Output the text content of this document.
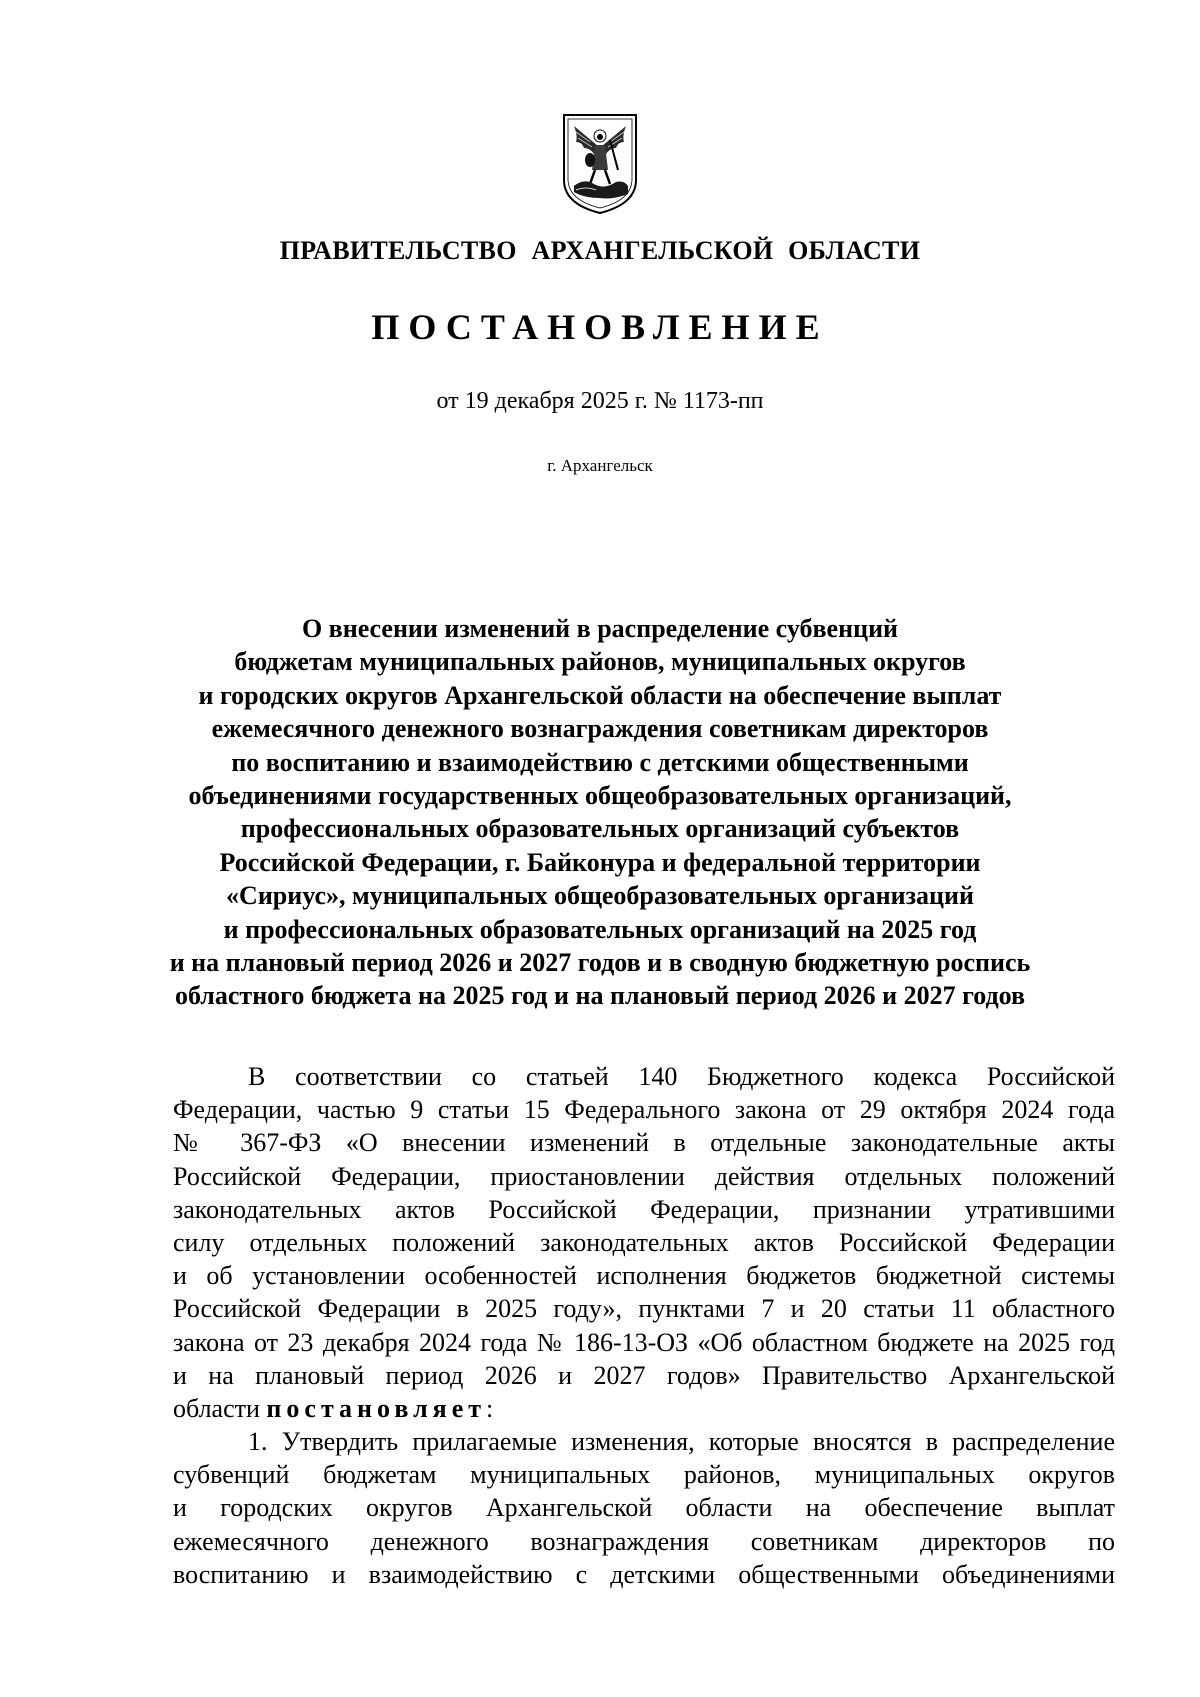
ПРАВИТЕЛЬСТВО АРХАНГЕЛЬСКОЙ ОБЛАСТИ
ПОСТАНОВЛЕНИЕ
от 19 декабря 2025 г. № 1173-пп
г. Архангельск
О внесении изменений в распределение субвенций
бюджетам муниципальных районов, муниципальных округов
и городских округов Архангельской области на обеспечение выплат
ежемесячного денежного вознаграждения советникам директоров
по воспитанию и взаимодействию с детскими общественными
объединениями государственных общеобразовательных организаций,
профессиональных образовательных организаций субъектов
Российской Федерации, г. Байконура и федеральной территории
«Сириус», муниципальных общеобразовательных организаций
и профессиональных образовательных организаций на 2025 год
и на плановый период 2026 и 2027 годов и в сводную бюджетную роспись
областного бюджета на 2025 год и на плановый период 2026 и 2027 годов
В соответствии со статьей 140 Бюджетного кодекса Российской
Федерации, частью 9 статьи 15 Федерального закона от 29 октября 2024 года
№ 367-ФЗ «О внесении изменений в отдельные законодательные акты
Российской Федерации, приостановлении действия отдельных положений
законодательных актов Российской Федерации, признании утратившими
силу отдельных положений законодательных актов Российской Федерации
и об установлении особенностей исполнения бюджетов бюджетной системы
Российской Федерации в 2025 году», пунктами 7 и 20 статьи 11 областного
закона от 23 декабря 2024 года № 186-13-ОЗ «Об областном бюджете на 2025 год
и на плановый период 2026 и 2027 годов» Правительство Архангельской
области постановляет:
1. Утвердить прилагаемые изменения, которые вносятся в распределение
субвенций бюджетам муниципальных районов, муниципальных округов
и городских округов Архангельской области на обеспечение выплат
ежемесячного денежного вознаграждения советникам директоров по
воспитанию и взаимодействию с детскими общественными объединениями
